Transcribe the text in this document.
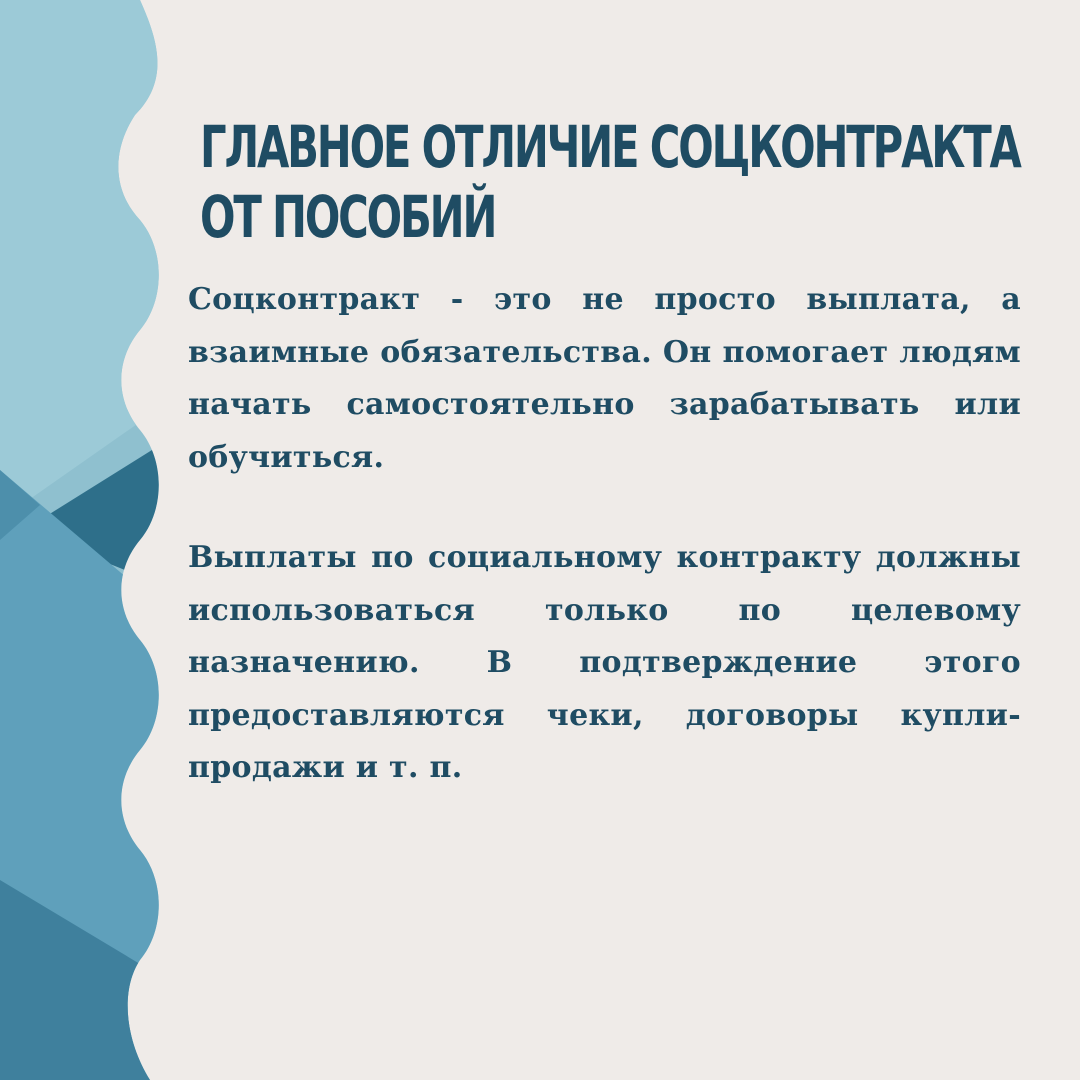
ГЛАВНОЕ ОТЛИЧИЕ СОЦКОНТРАКТА ОТ ПОСОБИЙ

Соцконтракт - это не просто выплата, а взаимные обязательства. Он помогает людям начать самостоятельно зарабатывать или обучиться.

Выплаты по социальному контракту должны использоваться только по целевому назначению. В подтверждение этого предоставляются чеки, договоры купли-продажи и т. п.
